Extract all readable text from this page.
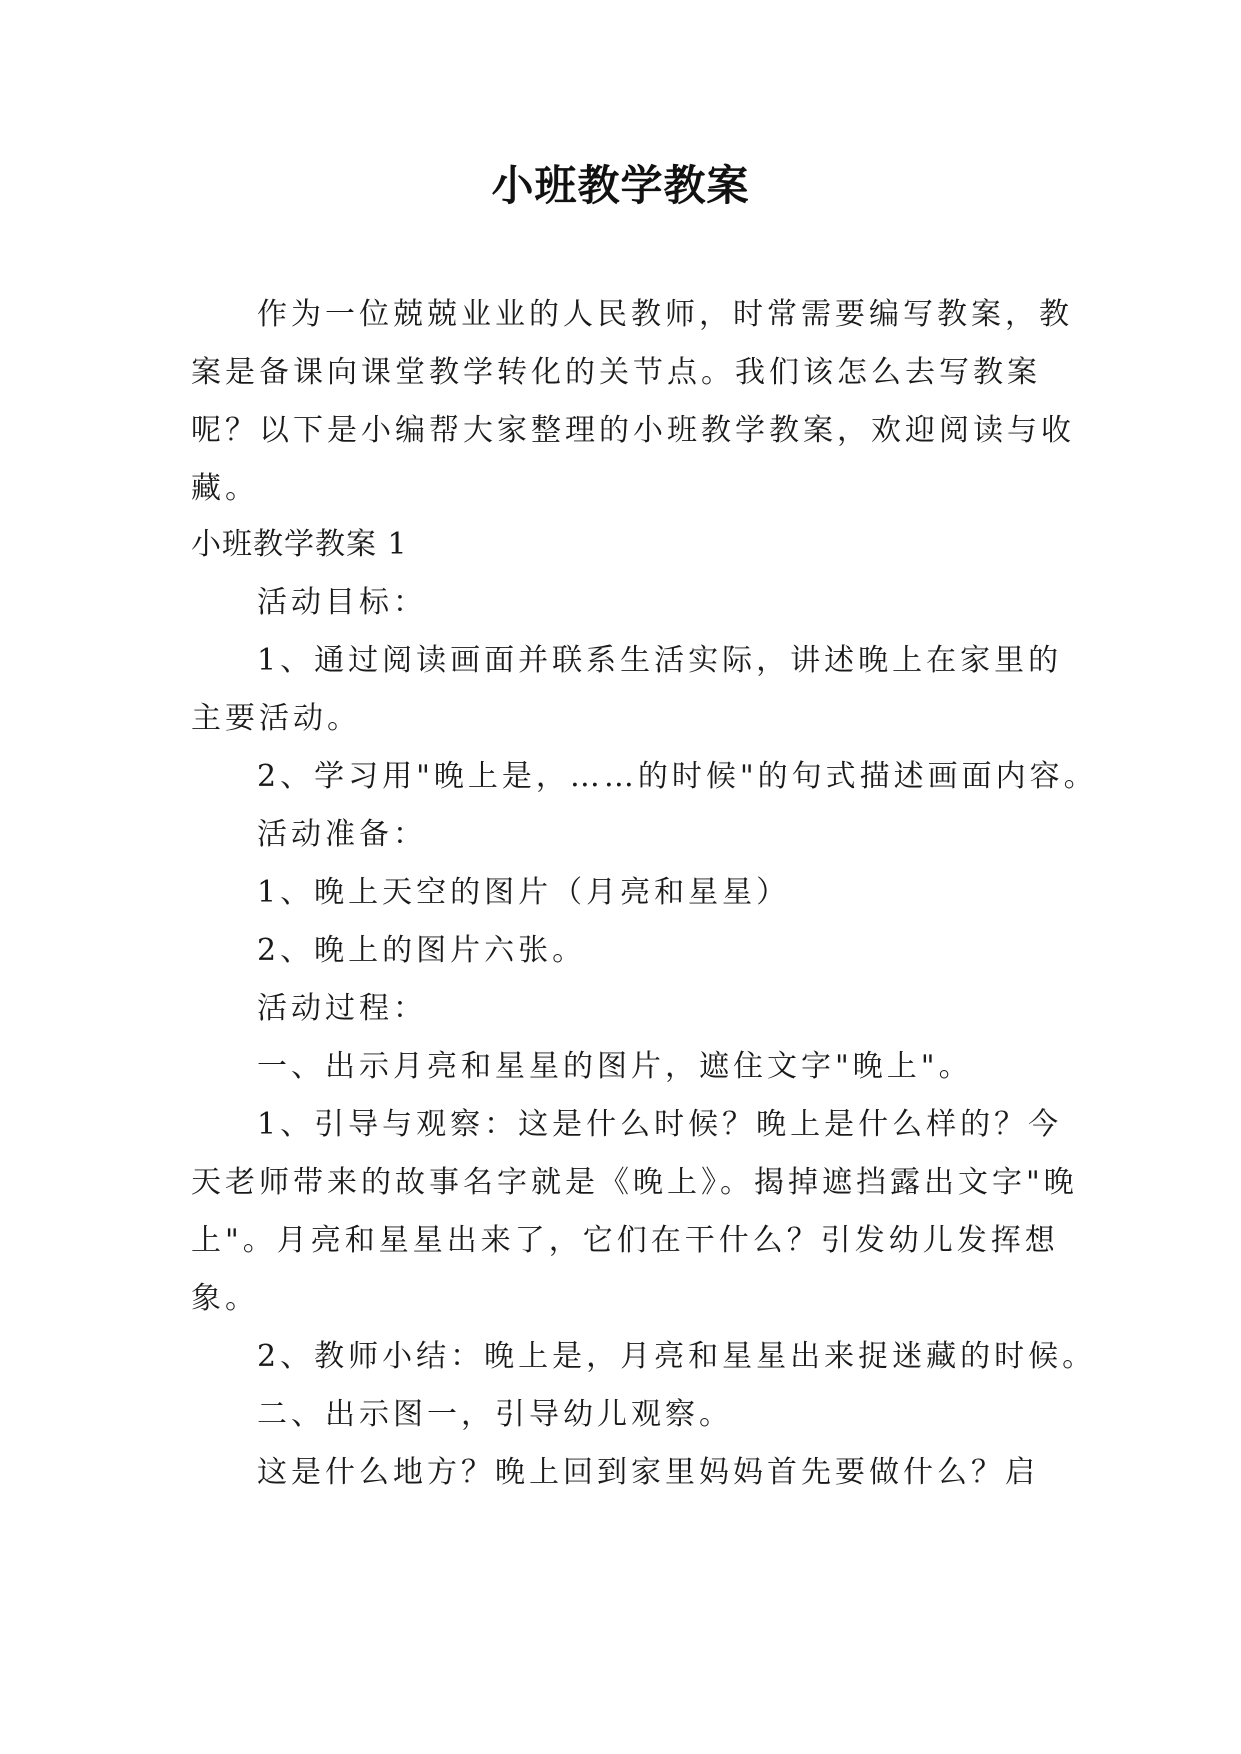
小班教学教案
作为一位兢兢业业的人民教师，时常需要编写教案，教
案是备课向课堂教学转化的关节点。我们该怎么去写教案
呢？以下是小编帮大家整理的小班教学教案，欢迎阅读与收
藏。
小班教学教案 1
活动目标：
1、通过阅读画面并联系生活实际，讲述晚上在家里的
主要活动。
2、学习用"晚上是，……的时候"的句式描述画面内容。
活动准备：
1、晚上天空的图片（月亮和星星）
2、晚上的图片六张。
活动过程：
一、出示月亮和星星的图片，遮住文字"晚上"。
1、引导与观察：这是什么时候？晚上是什么样的？今
天老师带来的故事名字就是《晚上》。揭掉遮挡露出文字"晚
上"。月亮和星星出来了，它们在干什么？引发幼儿发挥想
象。
2、教师小结：晚上是，月亮和星星出来捉迷藏的时候。
二、出示图一，引导幼儿观察。
这是什么地方？晚上回到家里妈妈首先要做什么？启
